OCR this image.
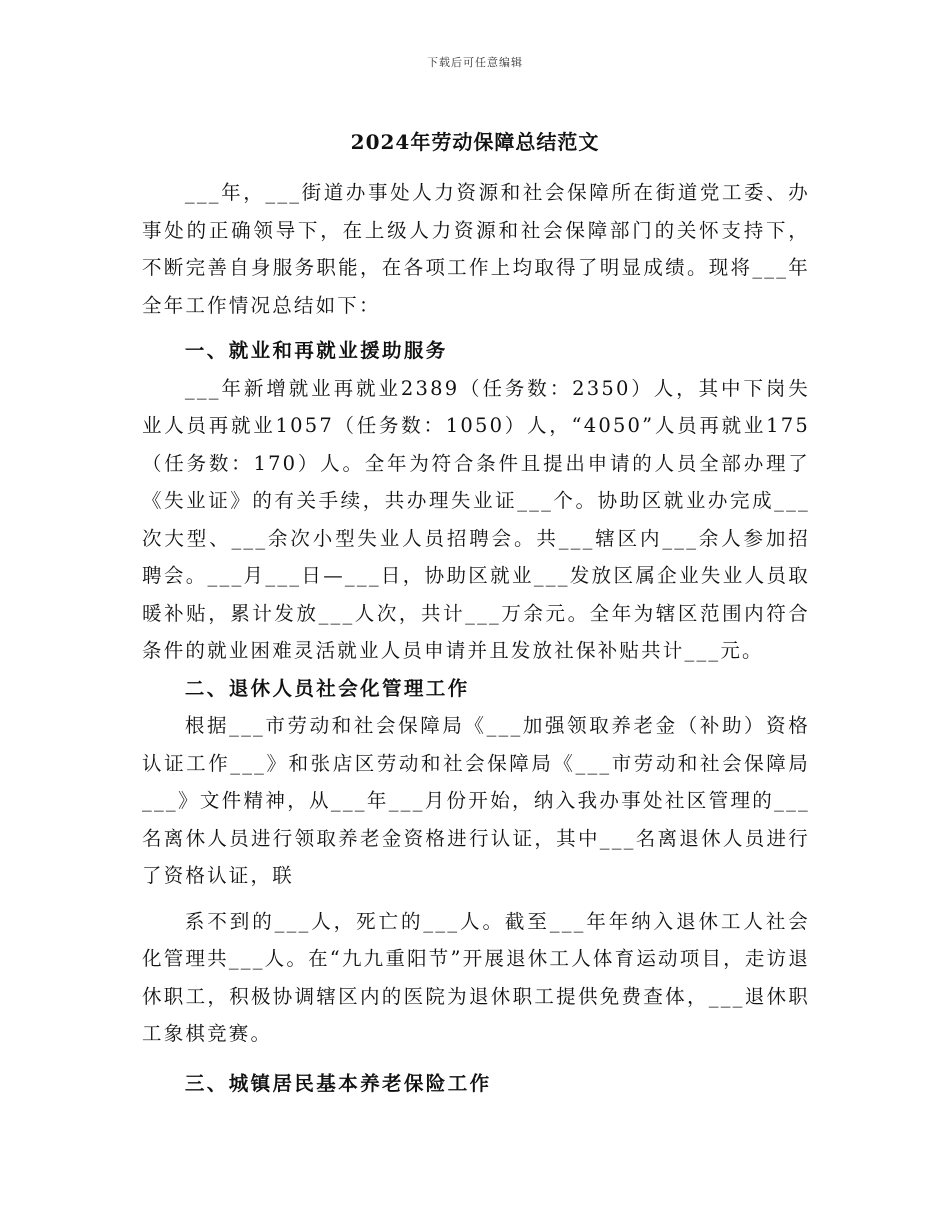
下载后可任意编辑
2024年劳动保障总结范文

___年，___街道办事处人力资源和社会保障所在街道党工委、办事处的正确领导下，在上级人力资源和社会保障部门的关怀支持下，不断完善自身服务职能，在各项工作上均取得了明显成绩。现将___年全年工作情况总结如下：

一、就业和再就业援助服务

___年新增就业再就业2389（任务数：2350）人，其中下岗失业人员再就业1057（任务数：1050）人，“4050”人员再就业175（任务数：170）人。全年为符合条件且提出申请的人员全部办理了《失业证》的有关手续，共办理失业证___个。协助区就业办完成___次大型、___余次小型失业人员招聘会。共___辖区内___余人参加招聘会。___月___日—___日，协助区就业___发放区属企业失业人员取暖补贴，累计发放___人次，共计___万余元。全年为辖区范围内符合条件的就业困难灵活就业人员申请并且发放社保补贴共计___元。

二、退休人员社会化管理工作

根据___市劳动和社会保障局《___加强领取养老金（补助）资格认证工作___》和张店区劳动和社会保障局《___市劳动和社会保障局___》文件精神，从___年___月份开始，纳入我办事处社区管理的___名离休人员进行领取养老金资格进行认证，其中___名离退休人员进行了资格认证，联

系不到的___人，死亡的___人。截至___年年纳入退休工人社会化管理共___人。在“九九重阳节”开展退休工人体育运动项目，走访退休职工，积极协调辖区内的医院为退休职工提供免费查体，___退休职工象棋竞赛。

三、城镇居民基本养老保险工作
